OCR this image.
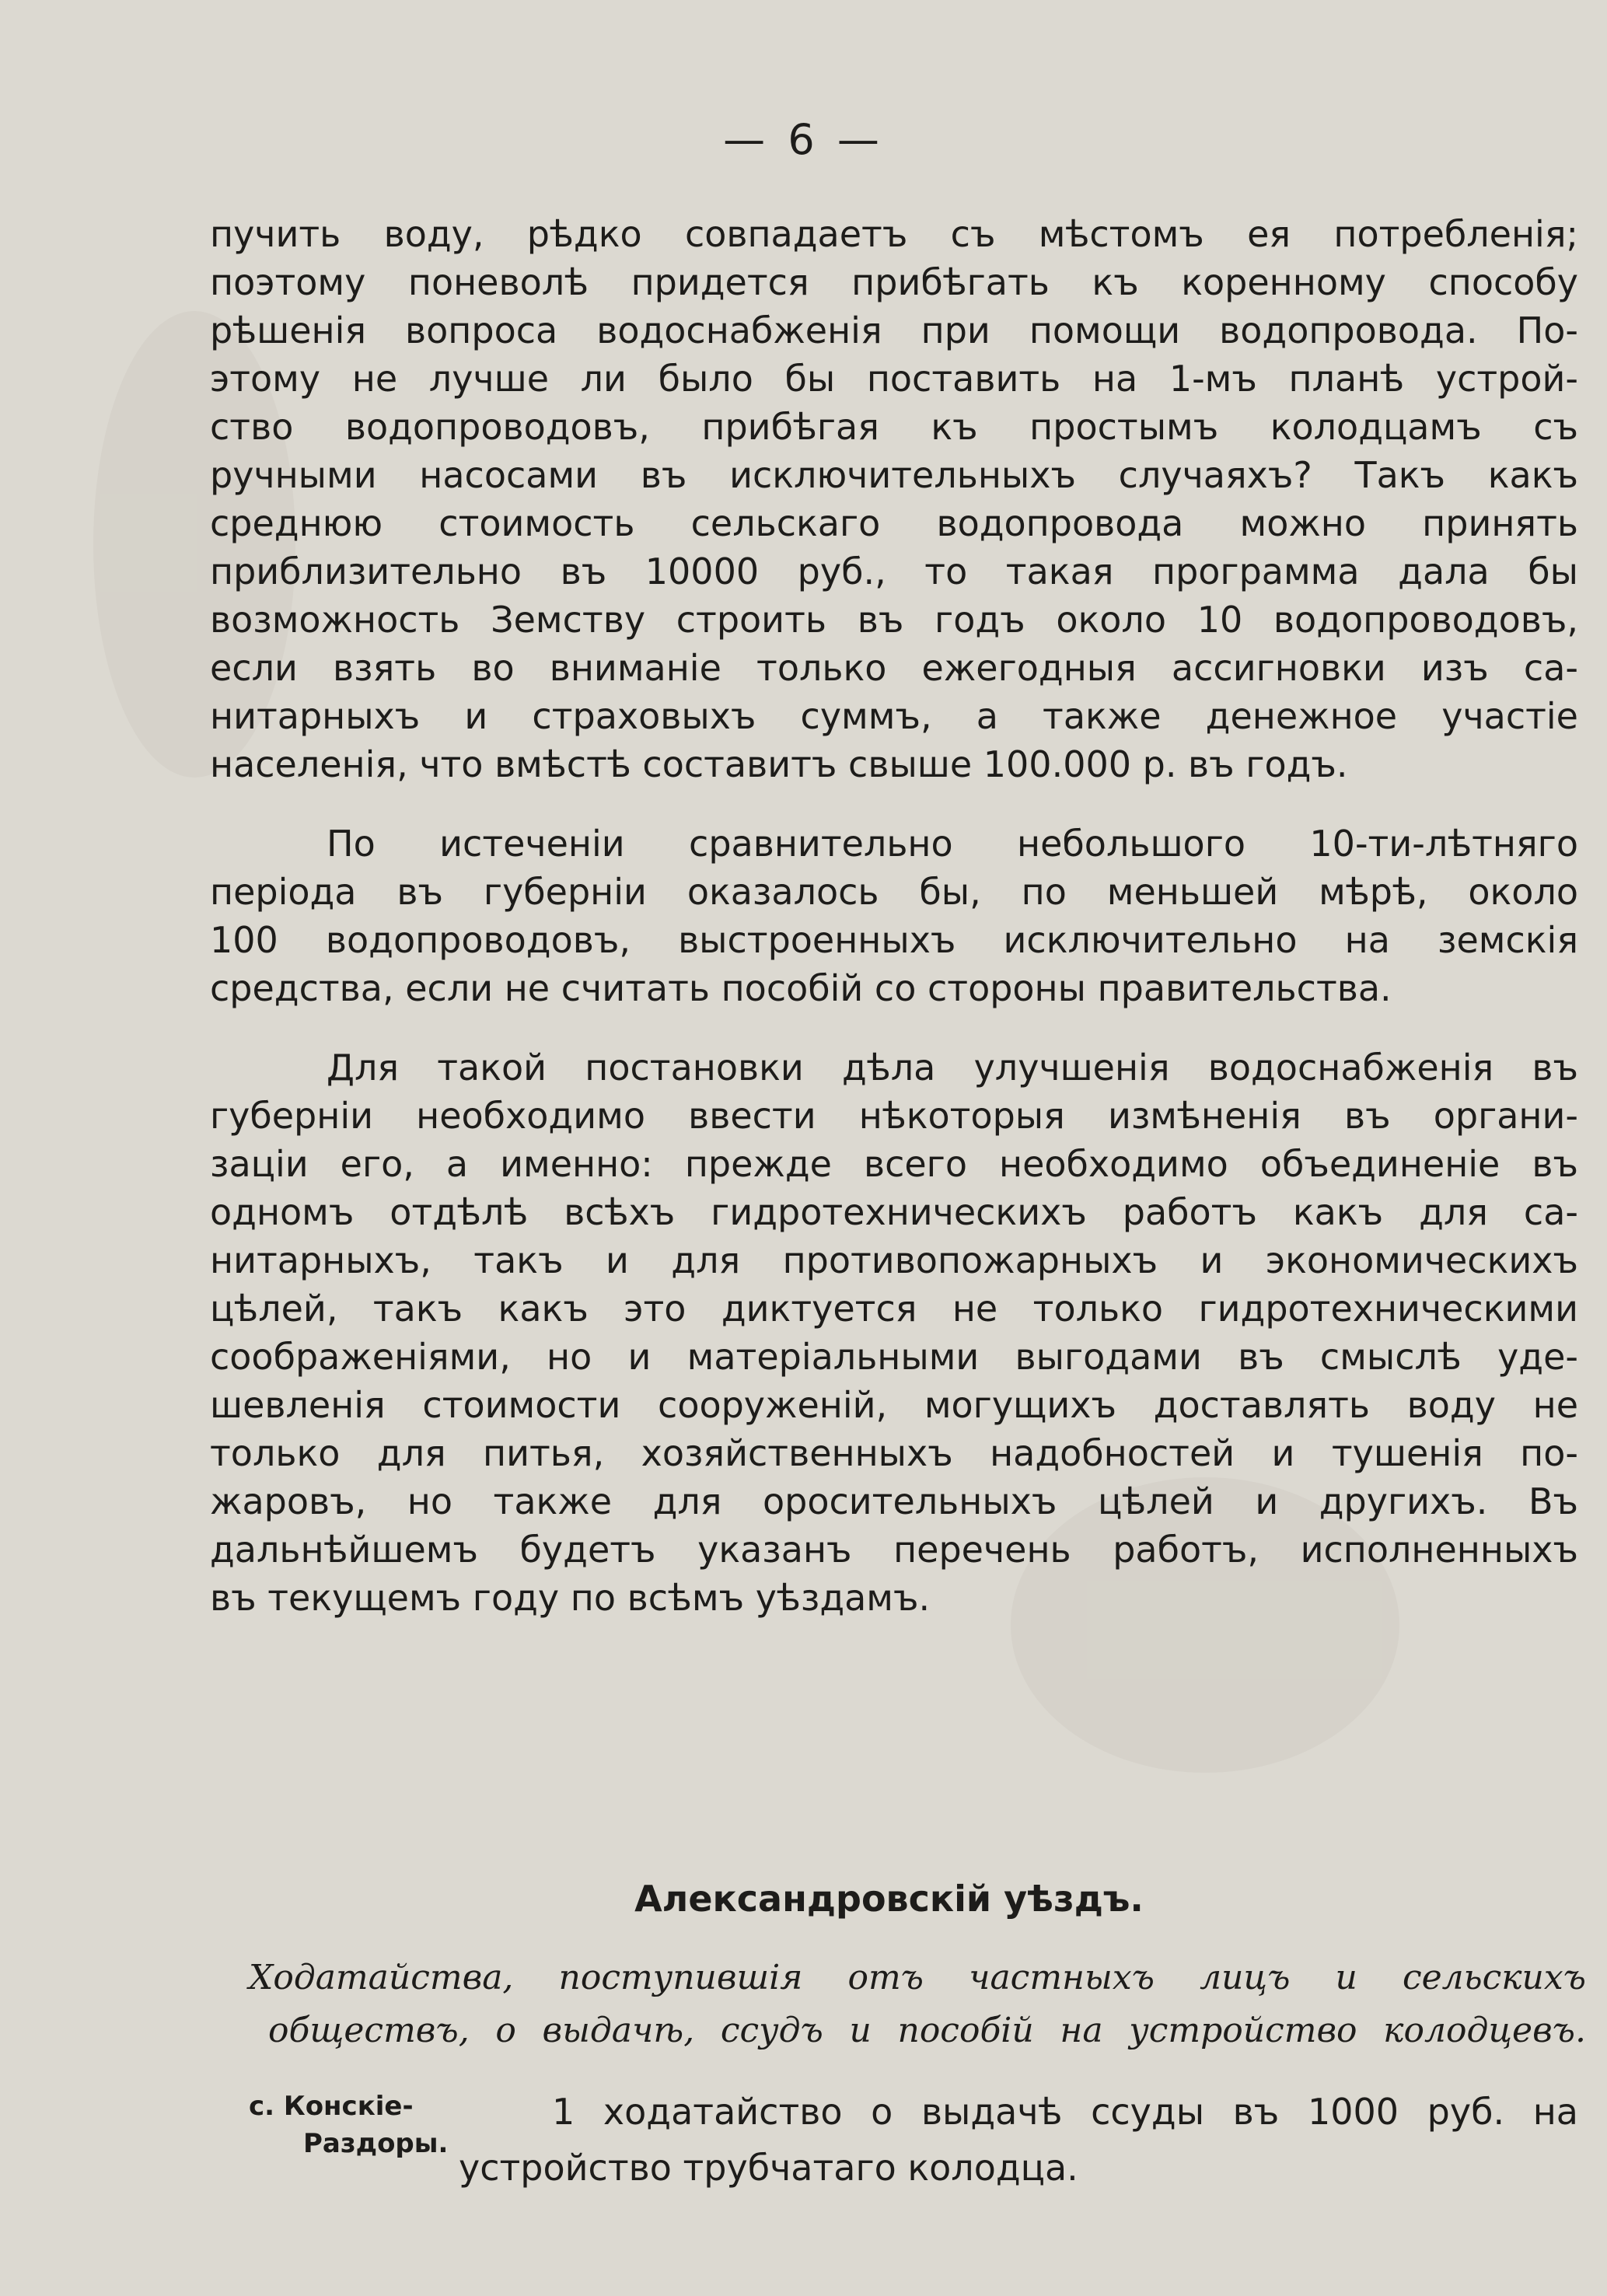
— 6 —
пучить воду, рѣдко совпадаетъ съ мѣстомъ ея потребленія;
поэтому поневолѣ придется прибѣгать къ коренному способу
рѣшенія вопроса водоснабженія при помощи водопровода. По-
этому не лучше ли было бы поставить на 1-мъ планѣ устрой-
ство водопроводовъ, прибѣгая къ простымъ колодцамъ съ
ручными насосами въ исключительныхъ случаяхъ? Такъ какъ
среднюю стоимость сельскаго водопровода можно принять
приблизительно въ 10000 руб., то такая программа дала бы
возможность Земству строить въ годъ около 10 водопроводовъ,
если взять во вниманіе только ежегодныя ассигновки изъ са-
нитарныхъ и страховыхъ суммъ, а также денежное участіе
населенія, что вмѣстѣ составитъ свыше 100.000 р. въ годъ.
По истеченіи сравнительно небольшого 10-ти-лѣтняго
періода въ губерніи оказалось бы, по меньшей мѣрѣ, около
100 водопроводовъ, выстроенныхъ исключительно на земскія
средства, если не считать пособій со стороны правительства.
Для такой постановки дѣла улучшенія водоснабженія въ
губерніи необходимо ввести нѣкоторыя измѣненія въ органи-
заціи его, а именно: прежде всего необходимо объединеніе въ
одномъ отдѣлѣ всѣхъ гидротехническихъ работъ какъ для са-
нитарныхъ, такъ и для противопожарныхъ и экономическихъ
цѣлей, такъ какъ это диктуется не только гидротехническими
соображеніями, но и матеріальными выгодами въ смыслѣ уде-
шевленія стоимости сооруженій, могущихъ доставлять воду не
только для питья, хозяйственныхъ надобностей и тушенія по-
жаровъ, но также для оросительныхъ цѣлей и другихъ. Въ
дальнѣйшемъ будетъ указанъ перечень работъ, исполненныхъ
въ текущемъ году по всѣмъ уѣздамъ.
Александровскій уѣздъ.
Ходатайства, поступившія отъ частныхъ лицъ и сельскихъ
обществъ, о выдачѣ, ссудъ и пособій на устройство колодцевъ.
с. Конскіе-
Раздоры.
1 ходатайство о выдачѣ ссуды въ 1000 руб. на
устройство трубчатаго колодца.
